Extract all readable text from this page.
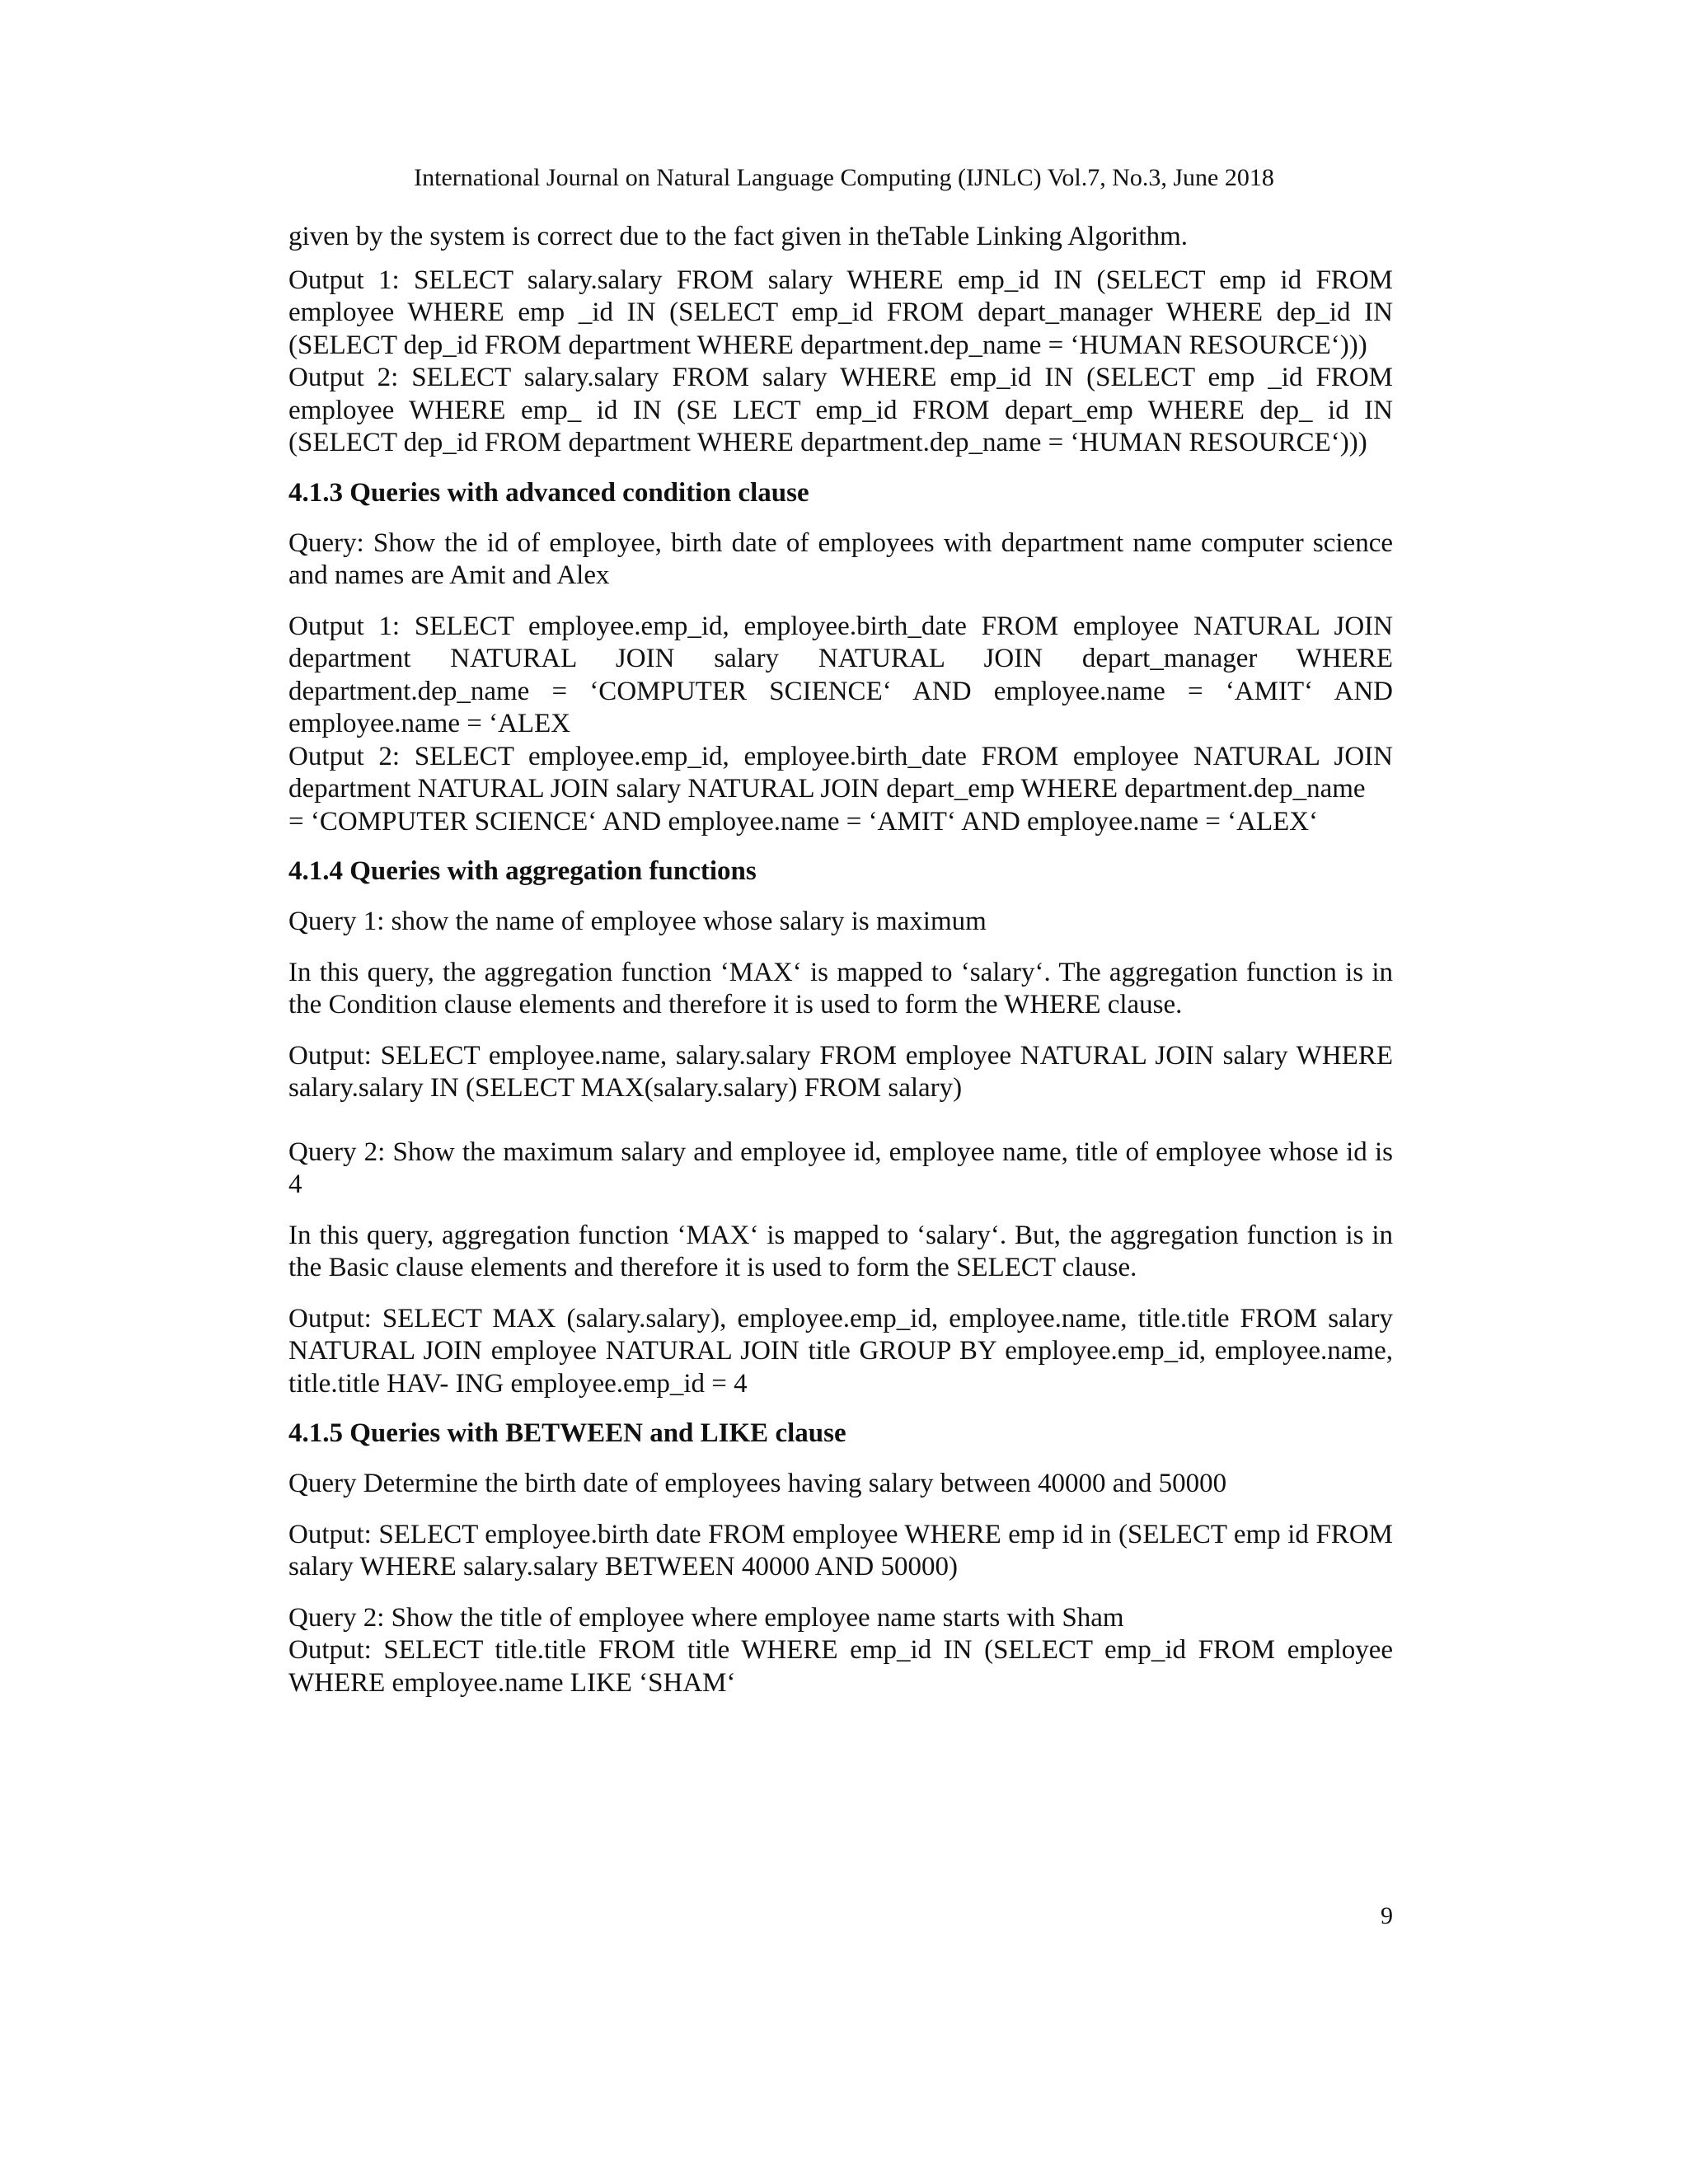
International Journal on Natural Language Computing (IJNLC) Vol.7, No.3, June 2018

given by the system is correct due to the fact given in theTable Linking Algorithm.

Output 1: SELECT salary.salary FROM salary WHERE emp_id IN (SELECT emp id FROM employee WHERE emp _id IN (SELECT emp_id FROM depart_manager WHERE dep_id IN (SELECT dep_id FROM department WHERE department.dep_name = ‘HUMAN RESOURCE‘)))

Output 2: SELECT salary.salary FROM salary WHERE emp_id IN (SELECT emp _id FROM employee WHERE emp_ id IN (SE LECT emp_id FROM depart_emp WHERE dep_ id IN (SELECT dep_id FROM department WHERE department.dep_name = ‘HUMAN RESOURCE‘)))

4.1.3 Queries with advanced condition clause

Query: Show the id of employee, birth date of employees with department name computer science and names are Amit and Alex

Output 1: SELECT employee.emp_id, employee.birth_date FROM employee NATURAL JOIN department NATURAL JOIN salary NATURAL JOIN depart_manager WHERE department.dep_name = ‘COMPUTER SCIENCE‘ AND employee.name = ‘AMIT‘ AND employee.name = ‘ALEX

Output 2: SELECT employee.emp_id, employee.birth_date FROM employee NATURAL JOIN department NATURAL JOIN salary NATURAL JOIN depart_emp WHERE department.dep_name

= ‘COMPUTER SCIENCE‘ AND employee.name = ‘AMIT‘ AND employee.name = ‘ALEX‘

4.1.4 Queries with aggregation functions

Query 1: show the name of employee whose salary is maximum

In this query, the aggregation function ‘MAX‘ is mapped to ‘salary‘. The aggregation function is in the Condition clause elements and therefore it is used to form the WHERE clause.

Output: SELECT employee.name, salary.salary FROM employee NATURAL JOIN salary WHERE salary.salary IN (SELECT MAX(salary.salary) FROM salary)

Query 2: Show the maximum salary and employee id, employee name, title of employee whose id is 4

In this query, aggregation function ‘MAX‘ is mapped to ‘salary‘. But, the aggregation function is in the Basic clause elements and therefore it is used to form the SELECT clause.

Output: SELECT MAX (salary.salary), employee.emp_id, employee.name, title.title FROM salary NATURAL JOIN employee NATURAL JOIN title GROUP BY employee.emp_id, employee.name, title.title HAV- ING employee.emp_id = 4

4.1.5 Queries with BETWEEN and LIKE clause

Query Determine the birth date of employees having salary between 40000 and 50000

Output: SELECT employee.birth date FROM employee WHERE emp id in (SELECT emp id FROM salary WHERE salary.salary BETWEEN 40000 AND 50000)

Query 2: Show the title of employee where employee name starts with Sham

Output: SELECT title.title FROM title WHERE emp_id IN (SELECT emp_id FROM employee WHERE employee.name LIKE ‘SHAM‘

9
